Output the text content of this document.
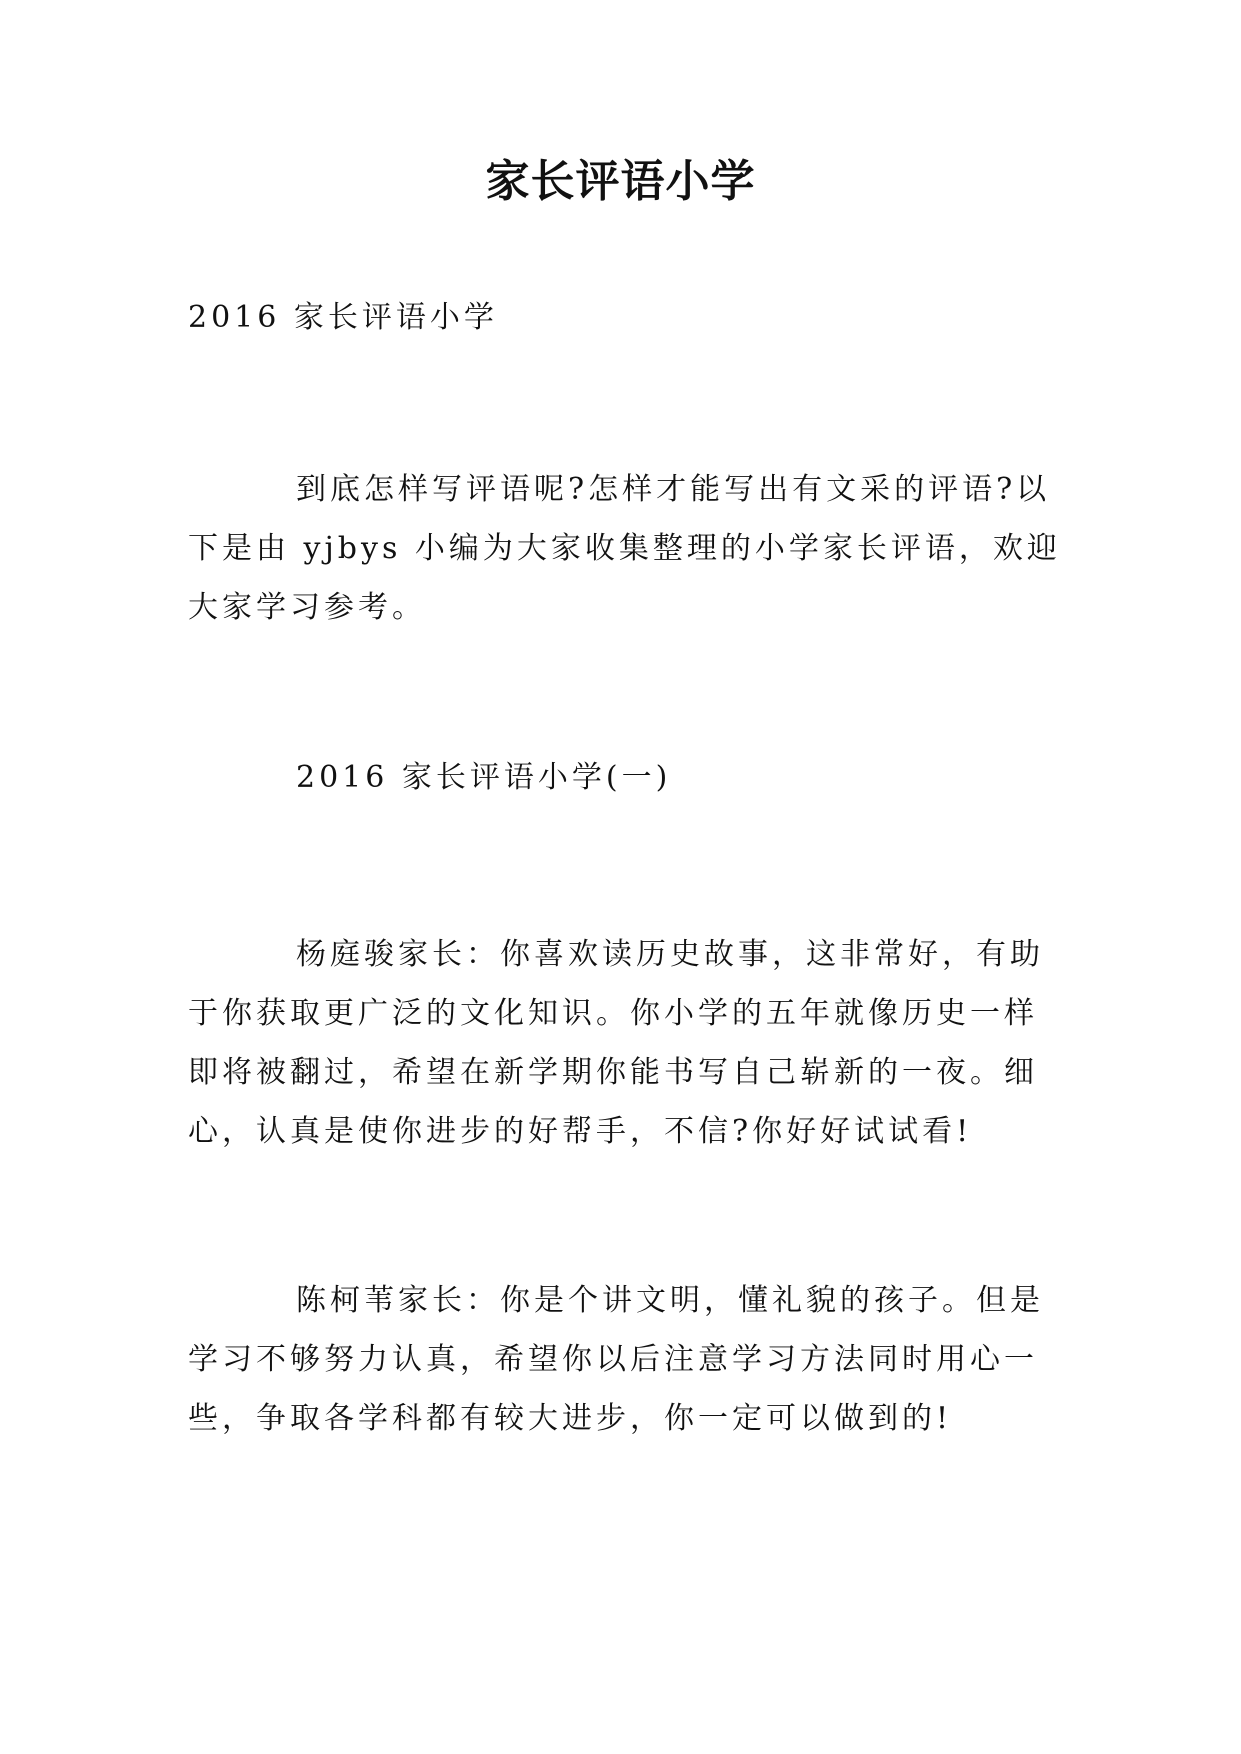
家长评语小学

2016 家长评语小学

到底怎样写评语呢?怎样才能写出有文采的评语?以下是由 yjbys 小编为大家收集整理的小学家长评语，欢迎大家学习参考。

2016 家长评语小学(一)

杨庭骏家长：你喜欢读历史故事，这非常好，有助于你获取更广泛的文化知识。你小学的五年就像历史一样即将被翻过，希望在新学期你能书写自己崭新的一夜。细心，认真是使你进步的好帮手，不信?你好好试试看!

陈柯苇家长：你是个讲文明，懂礼貌的孩子。但是学习不够努力认真，希望你以后注意学习方法同时用心一些，争取各学科都有较大进步，你一定可以做到的!
